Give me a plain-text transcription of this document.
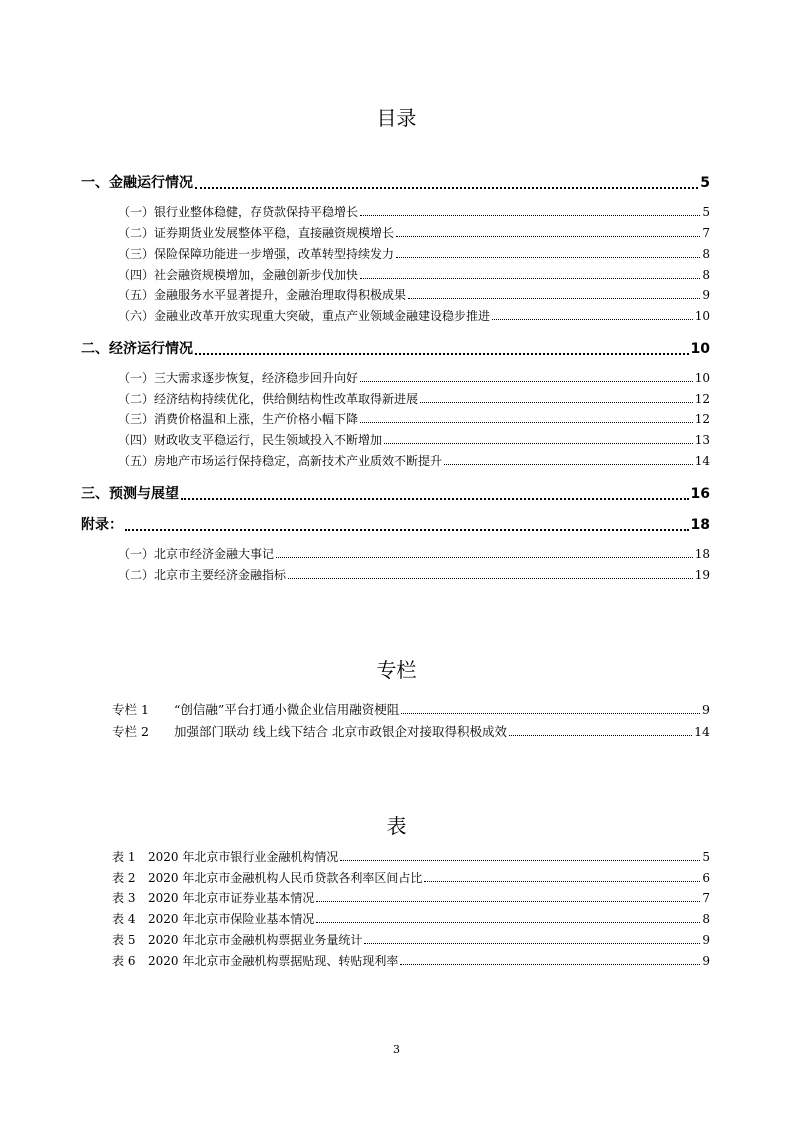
目录
一、金融运行情况	5
（一）银行业整体稳健，存贷款保持平稳增长	5
（二）证券期货业发展整体平稳，直接融资规模增长	7
（三）保险保障功能进一步增强，改革转型持续发力	8
（四）社会融资规模增加，金融创新步伐加快	8
（五）金融服务水平显著提升，金融治理取得积极成果	9
（六）金融业改革开放实现重大突破，重点产业领域金融建设稳步推进	10
二、经济运行情况	10
（一）三大需求逐步恢复，经济稳步回升向好	10
（二）经济结构持续优化，供给侧结构性改革取得新进展	12
（三）消费价格温和上涨，生产价格小幅下降	12
（四）财政收支平稳运行，民生领域投入不断增加	13
（五）房地产市场运行保持稳定，高新技术产业质效不断提升	14
三、预测与展望	16
附录：	18
（一）北京市经济金融大事记	18
（二）北京市主要经济金融指标	19
专栏
专栏 1 “创信融”平台打通小微企业信用融资梗阻	9
专栏 2 加强部门联动 线上线下结合 北京市政银企对接取得积极成效	14
表
表 1 2020 年北京市银行业金融机构情况	5
表 2 2020 年北京市金融机构人民币贷款各利率区间占比	6
表 3 2020 年北京市证券业基本情况	7
表 4 2020 年北京市保险业基本情况	8
表 5 2020 年北京市金融机构票据业务量统计	9
表 6 2020 年北京市金融机构票据贴现、转贴现利率	9
3
